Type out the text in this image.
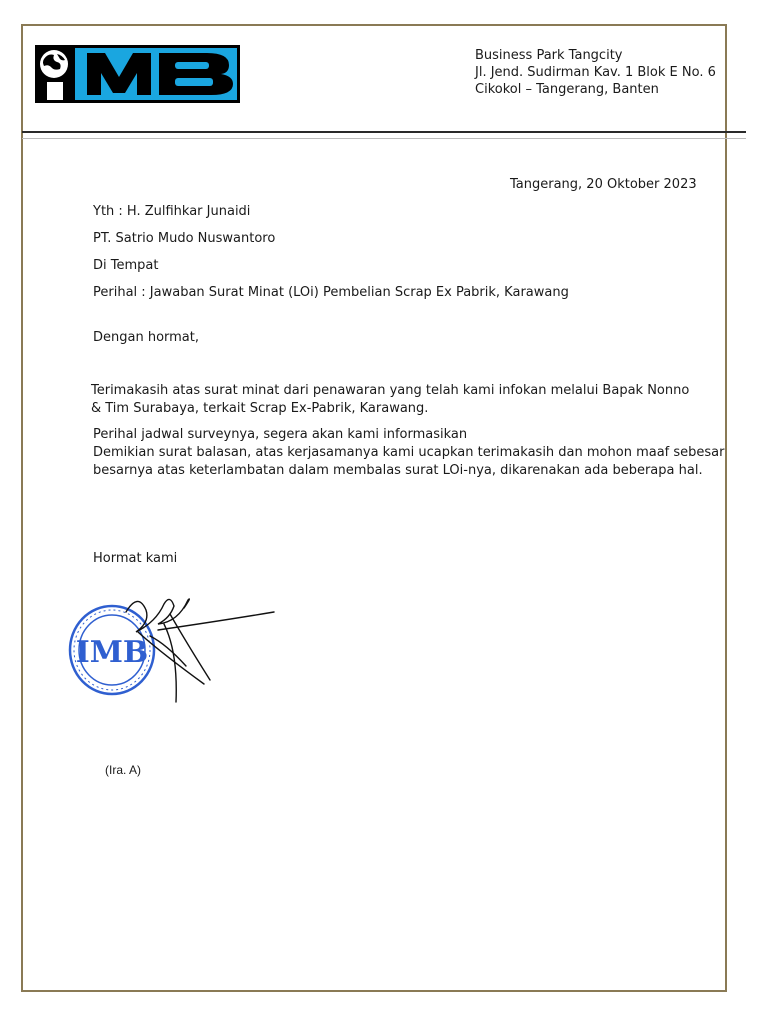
Business Park Tangcity
Jl. Jend. Sudirman Kav. 1 Blok E No. 6
Cikokol – Tangerang, Banten
Tangerang, 20 Oktober 2023
Yth : H. Zulfihkar Junaidi
PT. Satrio Mudo Nuswantoro
Di Tempat
Perihal : Jawaban Surat Minat (LOi) Pembelian Scrap Ex Pabrik, Karawang
Dengan hormat,
Terimakasih atas surat minat dari penawaran yang telah kami infokan melalui Bapak Nonno
& Tim Surabaya, terkait Scrap Ex-Pabrik, Karawang.
Perihal jadwal surveynya, segera akan kami informasikan
Demikian surat balasan, atas kerjasamanya kami ucapkan terimakasih dan mohon maaf sebesar
besarnya atas keterlambatan dalam membalas surat LOi-nya, dikarenakan ada beberapa hal.
Hormat kami
IMB
(Ira. A)
